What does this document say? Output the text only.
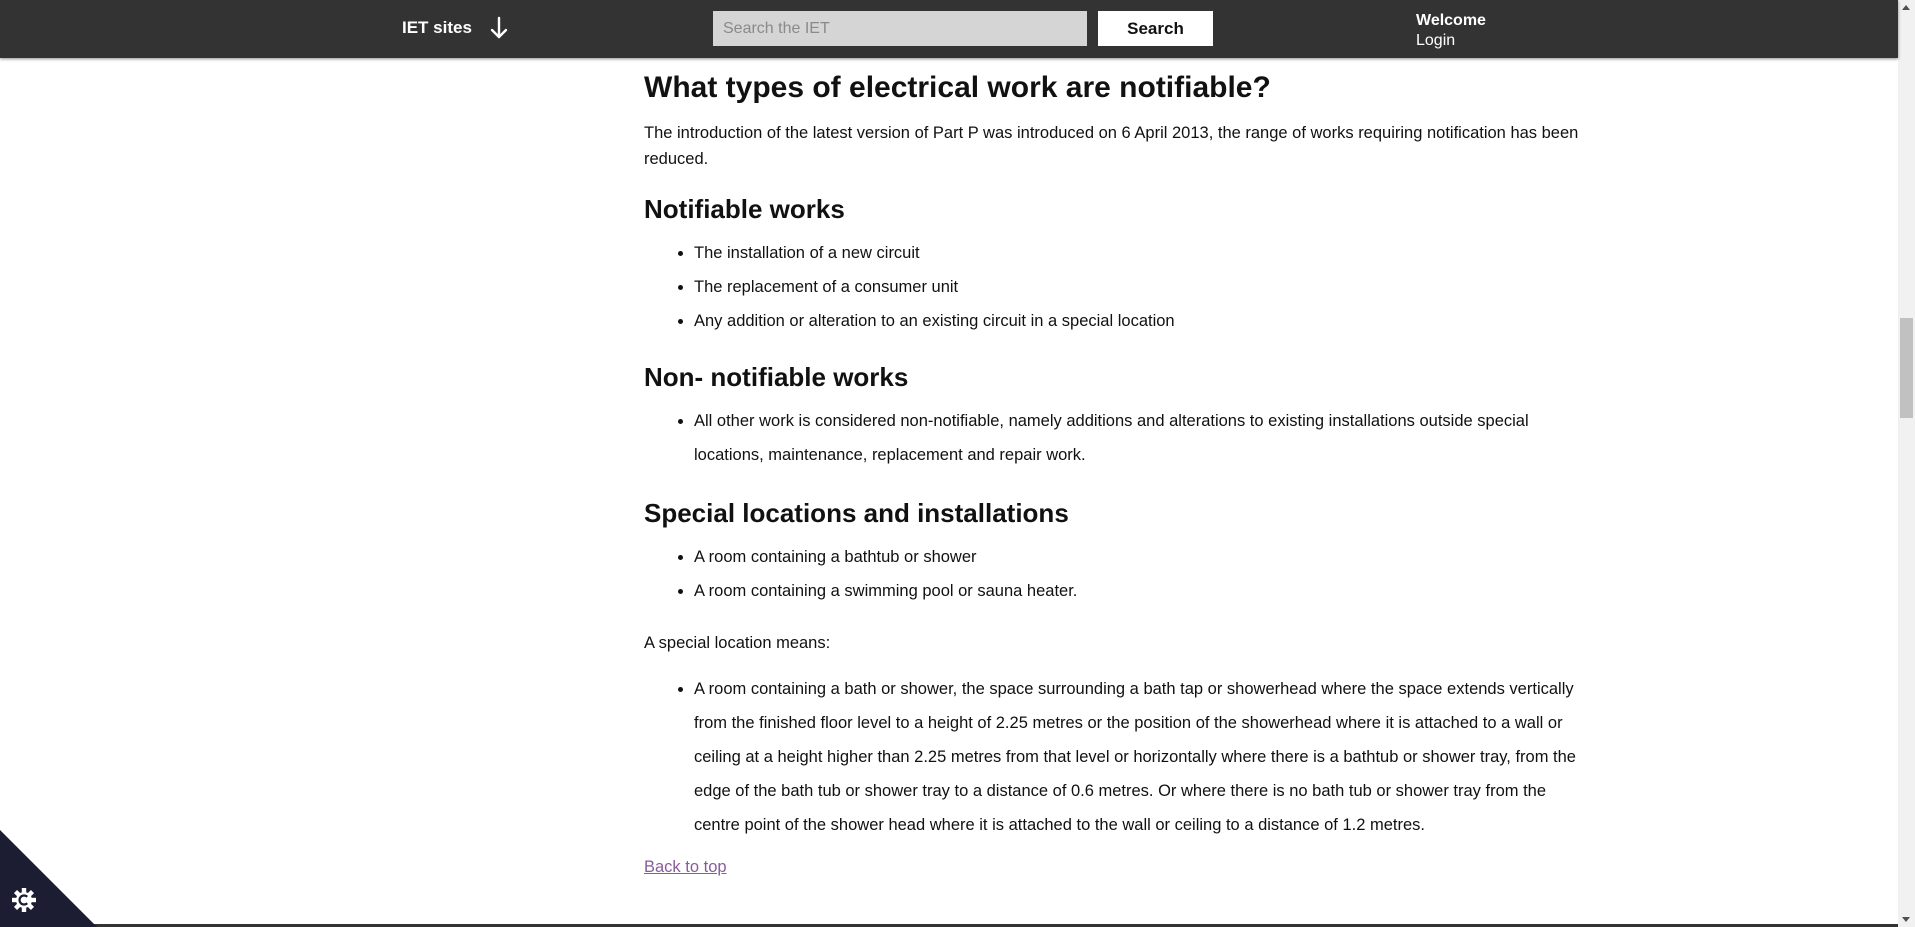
IET sites
Search the IET	Search	Welcome
Login
What types of electrical work are notifiable?

The introduction of the latest version of Part P was introduced on 6 April 2013, the range of works requiring notification has been reduced.

Notifiable works
• The installation of a new circuit
• The replacement of a consumer unit
• Any addition or alteration to an existing circuit in a special location
Non- notifiable works
• All other work is considered non-notifiable, namely additions and alterations to existing installations outside special locations, maintenance, replacement and repair work.
Special locations and installations
• A room containing a bathtub or shower
• A room containing a swimming pool or sauna heater.

A special location means:

• A room containing a bath or shower, the space surrounding a bath tap or showerhead where the space extends vertically from the finished floor level to a height of 2.25 metres or the position of the showerhead where it is attached to a wall or ceiling at a height higher than 2.25 metres from that level or horizontally where there is a bathtub or shower tray, from the edge of the bath tub or shower tray to a distance of 0.6 metres. Or where there is no bath tub or shower tray from the centre point of the shower head where it is attached to the wall or ceiling to a distance of 1.2 metres.
Back to top
